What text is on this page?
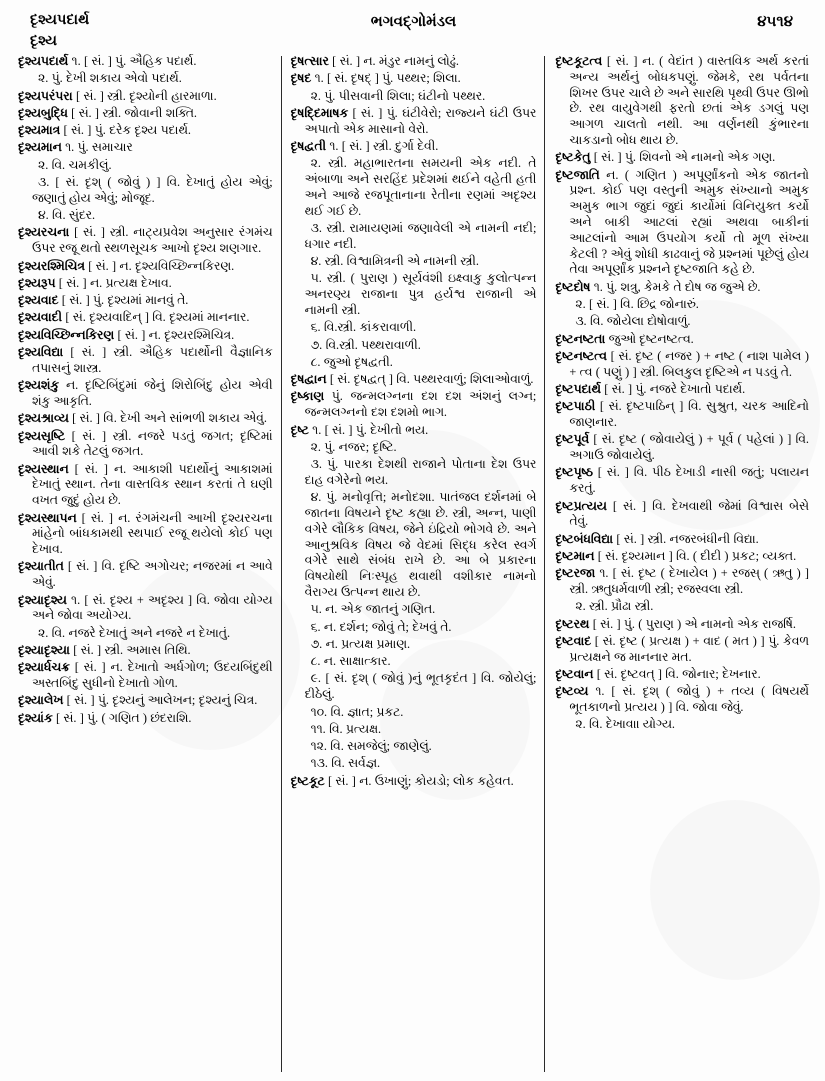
દૃશ્યપદાર્થ
દૃશ્ય
ભગવદ્ગોમંડલ	૪૫૧૪

દૃશ્યપદાર્થ ૧. [ સં. ] પું. ઐહિક પદાર્થ.

૨. પું. દેખી શકાય એવો પદાર્થ.

દૃશ્યપરંપરા [ સં. ] સ્ત્રી. દૃશ્યોની હારમાળા.

દૃશ્યબુદ્ધિ [ સં. ] સ્ત્રી. જોવાની શક્તિ.

દૃશ્યમાત્ર [ સં. ] પું. દરેક દૃશ્ય પદાર્થ.

દૃશ્યમાન ૧. પું. સમાચાર

૨. વિ. ચમકીલું.

૩. [ સં. દૃશ્ ( જોવું ) ] વિ. દેખાતું હોય એવું; જણાતું હોય એવું; મોજૂદ.

૪. વિ. સુંદર.

દૃશ્યરચના [ સં. ] સ્ત્રી. નાટ્યપ્રવેશ અનુસાર રંગમંચ ઉપર રજૂ થતો સ્થળસૂચક આખો દૃશ્ય શણગાર.

દૃશ્યરશ્મિચિત્ર [ સં. ] ન. દૃશ્યવિચ્છિન્નકિરણ.

દૃશ્યરૂપ [ સં. ] ન. પ્રત્યક્ષ દેખાવ.

દૃશ્યવાદ [ સં. ] પું. દૃશ્યમાં માનવું તે.

દૃશ્યવાદી [ સં. દૃશ્યવાદિન્ ] વિ. દૃશ્યમાં માનનાર.

દૃશ્યવિચ્છિન્નકિરણ [ સં. ] ન. દૃશ્યરશ્મિચિત્ર.

દૃશ્યવિદ્યા [ સં. ] સ્ત્રી. ઐહિક પદાર્થોની વૈજ્ઞાનિક તપાસનું શાસ્ત્ર.

દૃશ્યશંકુ ન. દૃષ્ટિબિંદુમાં જેનું શિરોબિંદુ હોય એવી શંકુ આકૃતિ.

દૃશ્યશ્રાવ્ય [ સં. ] વિ. દેખી અને સાંભળી શકાય એવું.

દૃશ્યસૃષ્ટિ [ સં. ] સ્ત્રી. નજરે પડતું જગત; દૃષ્ટિમાં આવી શકે તેટલું જગત.

દૃશ્યસ્થાન [ સં. ] ન. આકાશી પદાર્થોનું આકાશમાં દેખાતું સ્થાન. તેના વાસ્તવિક સ્થાન કરતાં તે ઘણી વખત જુદું હોય છે.

દૃશ્યસ્થાપન [ સં. ] ન. રંગમંચની આખી દૃશ્યરચના માંહેનો બાંધકામથી સ્થપાઈ રજૂ થયેલો કોઈ પણ દેખાવ.

દૃશ્યાતીત [ સં. ] વિ. દૃષ્ટિ અગોચર; નજરમાં ન આવે એવું.

દૃશ્યાદૃશ્ય ૧. [ સં. દૃશ્ય + અદૃશ્ય ] વિ. જોવા યોગ્ય અને જોવા અયોગ્ય.

૨. વિ. નજરે દેખાતું અને નજરે ન દેખાતું.

દૃશ્યાદૃશ્યા [ સં. ] સ્ત્રી. અમાસ તિથિ.

દૃશ્યાર્ધચક્ર [ સં. ] ન. દેખાતો અર્ધગોળ; ઉદયબિંદુથી અસ્તબિંદુ સુધીનો દેખાતો ગોળ.

દૃશ્યાલેખ [ સં. ] પું. દૃશ્યનું આલેખન; દૃશ્યનું ચિત્ર.

દૃશ્યાંક [ સં. ] પું. ( ગણિત ) છંદરાશિ.

દૃષત્સાર [ સં. ] ન. મંડુર નામનું લોઢું.

દૃષદ ૧. [ સં. દૃષદ્ ] પું. પથ્થર; શિલા.

૨. પું. પીસવાની શિલા; ઘંટીનો પથ્થર.

દૃષદ્દિમાષક [ સં. ] પું. ઘંટીવેરો; રાજ્યને ઘંટી ઉપર અપાતો એક માસાનો વેરો.

દૃષદ્વતી ૧. [ સં. ] સ્ત્રી. દુર્ગા દેવી.

૨. સ્ત્રી. મહાભારતના સમયની એક નદી. તે અંબાળા અને સરહિંદ પ્રદેશમાં થઈને વહેતી હતી અને આજે રજપૂતાનાના રેતીના રણમાં અદૃશ્ય થઈ ગઈ છે.

૩. સ્ત્રી. રામાયણમાં જણાવેલી એ નામની નદી; ધગાર નદી.

૪. સ્ત્રી. વિશ્વામિત્રની એ નામની સ્ત્રી.

૫. સ્ત્રી. ( પુરાણ ) સૂર્યવંશી ઇક્ષ્વાકુ કુલોત્પન્ન અનરણ્ય રાજાના પુત્ર હર્યશ્વ રાજાની એ નામની સ્ત્રી.

૬. વિ.સ્ત્રી. કાંકરાવાળી.

૭. વિ.સ્ત્રી. પથ્થરાવાળી.

૮. જુઓ દૃષદ્વતી.

દૃષદ્વાન [ સં. દૃષદ્વત્ ] વિ. પથ્થરવાળું; શિલાઓવાળું.

દૃષ્કાણ પું. જન્મલગ્નના દશ દશ અંશનું લગ્ન; જન્મલગ્નનો દશ દશમો ભાગ.

દૃષ્ટ ૧. [ સં. ] પું. દેખીતો ભય.

૨. પું. નજર; દૃષ્ટિ.

૩. પું. પારકા દેશથી રાજાને પોતાના દેશ ઉપર દાહ વગેરેનો ભય.

૪. પું. મનોવૃત્તિ; મનોદશા. પાતંજલ દર્શનમાં બે જાતના વિષયને દૃષ્ટ કહ્યા છે. સ્ત્રી, અન્ન, પાણી વગેરે લૌકિક વિષય, જેને ઇંદ્રિયો ભોગવે છે. અને આનુશ્રવિક વિષય જે વેદમાં સિદ્ધ કરેલ સ્વર્ગ વગેરે સાથે સંબંધ રાખે છે. આ બે પ્રકારના વિષયોથી નિઃસ્પૃહ થવાથી વશીકાર નામનો વૈરાગ્ય ઉત્પન્ન થાય છે.

૫. ન. એક જાતનું ગણિત.

૬. ન. દર્શન; જોવું તે; દેખવું તે.

૭. ન. પ્રત્યક્ષ પ્રમાણ.

૮. ન. સાક્ષાત્કાર.

૯. [ સં. દૃશ્ ( જોવું )નું ભૂતકૃદંત ] વિ. જોયેલું; દીઠેલું.

૧૦. વિ. જ્ઞાત; પ્રકટ.

૧૧. વિ. પ્રત્યક્ષ.

૧૨. વિ. સમજેલું; જાણેલું.

૧૩. વિ. સર્વજ્ઞ.

દૃષ્ટકૂટ [ સં. ] ન. ઉખાણું; કોયડો; લોક કહેવત.

દૃષ્ટકૂટત્વ [ સં. ] ન. ( વેદાંત ) વાસ્તવિક અર્થ કરતાં અન્ય અર્થનું બોધકપણું. જેમકે, રથ પર્વતના શિખર ઉપર ચાલે છે અને સારથિ પૃથ્વી ઉપર ઊભો છે. રથ વાયુવેગથી ફરતો છતાં એક ડગલું પણ આગળ ચાલતો નથી. આ વર્ણનથી કુંભારના ચાકડાનો બોધ થાય છે.

દૃષ્ટકેતુ [ સં. ] પું. શિવનો એ નામનો એક ગણ.

દૃષ્ટજાતિ ન. ( ગણિત ) અપૂર્ણાંકનો એક જાતનો પ્રશ્ન. કોઈ પણ વસ્તુની અમુક સંખ્યાનો અમુક અમુક ભાગ જુદાં જુદાં કાર્યોમાં વિનિયુક્ત કર્યો અને બાકી આટલાં રહ્યાં અથવા બાકીનાં આટલાંનો આમ ઉપયોગ કર્યો તો મૂળ સંખ્યા કેટલી ? એવું શોધી કાઢવાનું જે પ્રશ્નમાં પૂછેલું હોય તેવા અપૂર્ણાંક પ્રશ્નને દૃષ્ટજાતિ કહે છે.

દૃષ્ટદોષ ૧. પું. શત્રુ, કેમકે તે દોષ જ જુએ છે.

૨. [ સં. ] વિ. છિદ્ર જોનારું.

૩. વિ. જોયેલા દોષોવાળું.

દૃષ્ટનષ્ટતા જુઓ દૃષ્ટનષ્ટત્વ.

દૃષ્ટનષ્ટત્વ [ સં. દૃષ્ટ ( નજર ) + નષ્ટ ( નાશ પામેલ ) + ત્વ ( પણું ) ] સ્ત્રી. બિલકુલ દૃષ્ટિએ ન પડવું તે.

દૃષ્ટપદાર્થ [ સં. ] પું. નજરે દેખાતો પદાર્થ.

દૃષ્ટપાઠી [ સં. દૃષ્ટપાઠિન્ ] વિ. સુશ્રુત, ચરક આદિનો જાણનાર.

દૃષ્ટપૂર્વ [ સં. દૃષ્ટ ( જોવાયેલું ) + પૂર્વ ( પહેલાં ) ] વિ. અગાઉ જોવાયેલું.

દૃષ્ટપૃષ્ઠ [ સં. ] વિ. પીઠ દેખાડી નાસી જતું; પલાયન કરતું.

દૃષ્ટપ્રત્યય [ સં. ] વિ. દેખવાથી જેમાં વિશ્વાસ બેસે તેવું.

દૃષ્ટબંધવિદ્યા [ સં. ] સ્ત્રી. નજરબંધીની વિદ્યા.

દૃષ્ટમાન [ સં. દૃશ્યમાન ] વિ. ( દીદી ) પ્રકટ; વ્યક્ત.

દૃષ્ટરજા ૧. [ સં. દૃષ્ટ ( દેખાયેલ ) + રજસ્ ( ઋતુ ) ] સ્ત્રી. ઋતુધર્મવાળી સ્ત્રી; રજસ્વલા સ્ત્રી.

૨. સ્ત્રી. પ્રૌઢા સ્ત્રી.

દૃષ્ટરથ [ સં. ] પું. ( પુરાણ ) એ નામનો એક રાજર્ષિ.

દૃષ્ટવાદ [ સં. દૃષ્ટ ( પ્રત્યક્ષ ) + વાદ ( મત ) ] પું. કેવળ પ્રત્યક્ષને જ માનનાર મત.

દૃષ્ટવાન [ સં. દૃષ્ટવત્ ] વિ. જોનાર; દેખનાર.

દૃષ્ટવ્ય ૧. [ સં. દૃશ્ ( જોવું ) + તવ્ય ( વિષયર્થે ભૂતકાળનો પ્રત્યય ) ] વિ. જોવા જેવું.

૨. વિ. દેખાવાા યોગ્ય.
